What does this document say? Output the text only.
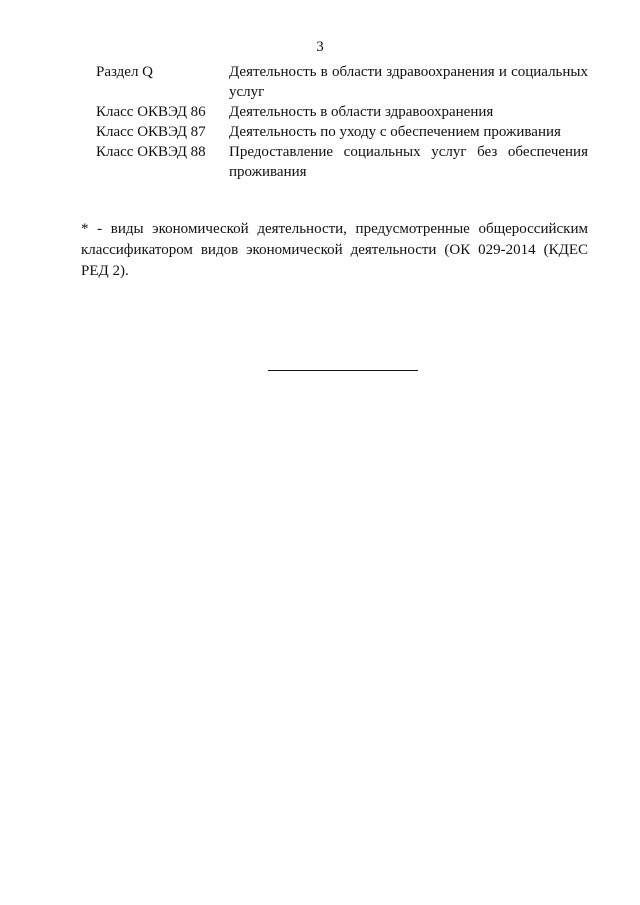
3
Раздел Q	Деятельность в области здравоохранения и социальных услуг
Класс ОКВЭД 86	Деятельность в области здравоохранения
Класс ОКВЭД 87	Деятельность по уходу с обеспечением проживания
Класс ОКВЭД 88	Предоставление социальных услуг без обеспечения проживания
* - виды экономической деятельности, предусмотренные общероссийским классификатором видов экономической деятельности (ОК 029-2014 (КДЕС РЕД 2).
